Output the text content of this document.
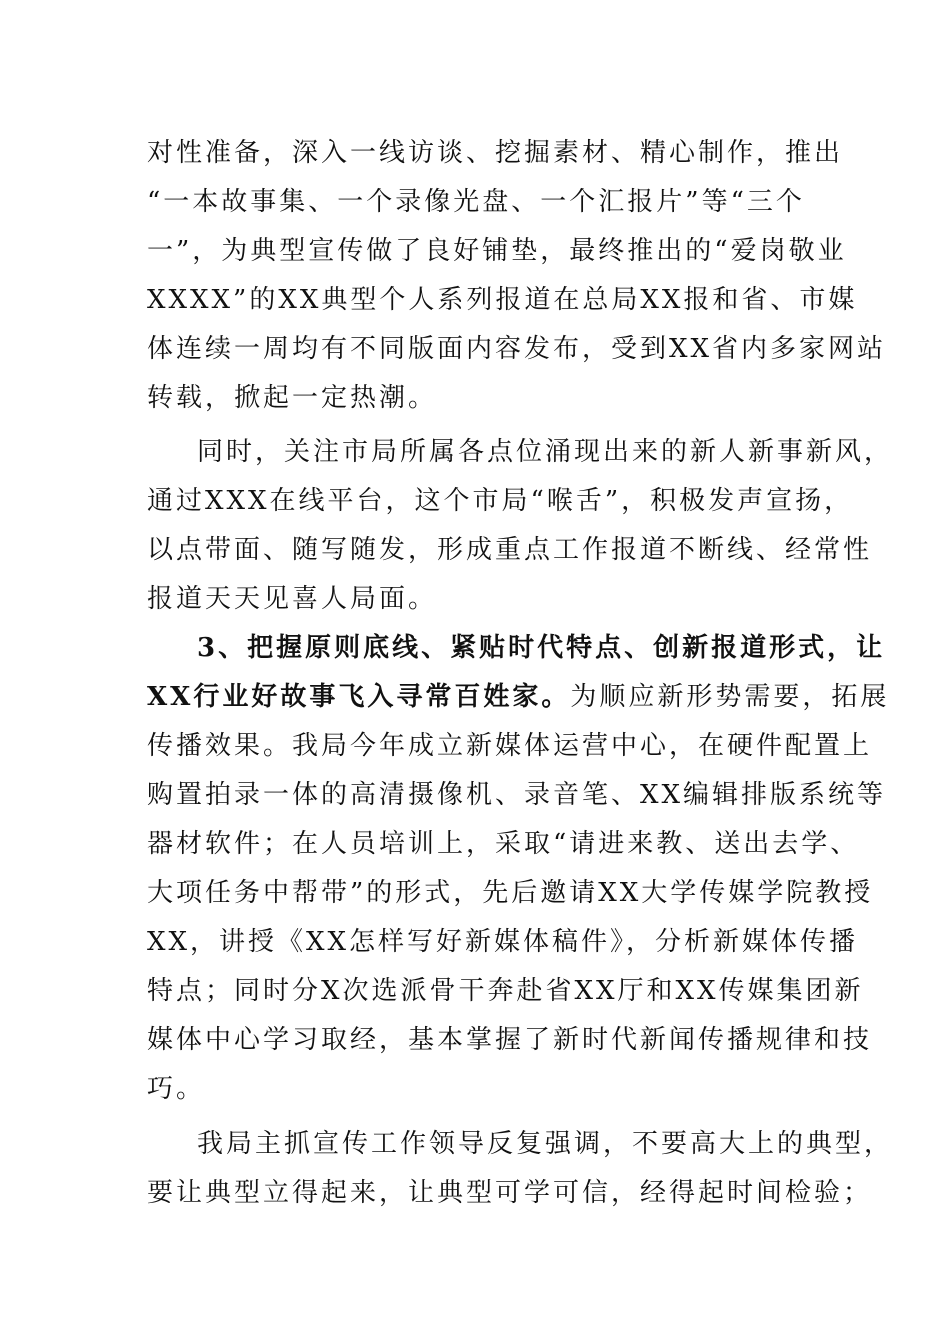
对性准备，深入一线访谈、挖掘素材、精心制作，推出
“一本故事集、一个录像光盘、一个汇报片”等“三个
一”，为典型宣传做了良好铺垫，最终推出的“爱岗敬业
XXXX”的XX典型个人系列报道在总局XX报和省、市媒
体连续一周均有不同版面内容发布，受到XX省内多家网站
转载，掀起一定热潮。
同时，关注市局所属各点位涌现出来的新人新事新风，
通过XXX在线平台，这个市局“喉舌”，积极发声宣扬，
以点带面、随写随发，形成重点工作报道不断线、经常性
报道天天见喜人局面。
3、把握原则底线、紧贴时代特点、创新报道形式，让
XX行业好故事飞入寻常百姓家。为顺应新形势需要，拓展
传播效果。我局今年成立新媒体运营中心，在硬件配置上
购置拍录一体的高清摄像机、录音笔、XX编辑排版系统等
器材软件；在人员培训上，采取“请进来教、送出去学、
大项任务中帮带”的形式，先后邀请XX大学传媒学院教授
XX，讲授《XX怎样写好新媒体稿件》，分析新媒体传播
特点；同时分X次选派骨干奔赴省XX厅和XX传媒集团新
媒体中心学习取经，基本掌握了新时代新闻传播规律和技
巧。
我局主抓宣传工作领导反复强调，不要高大上的典型，
要让典型立得起来，让典型可学可信，经得起时间检验；
